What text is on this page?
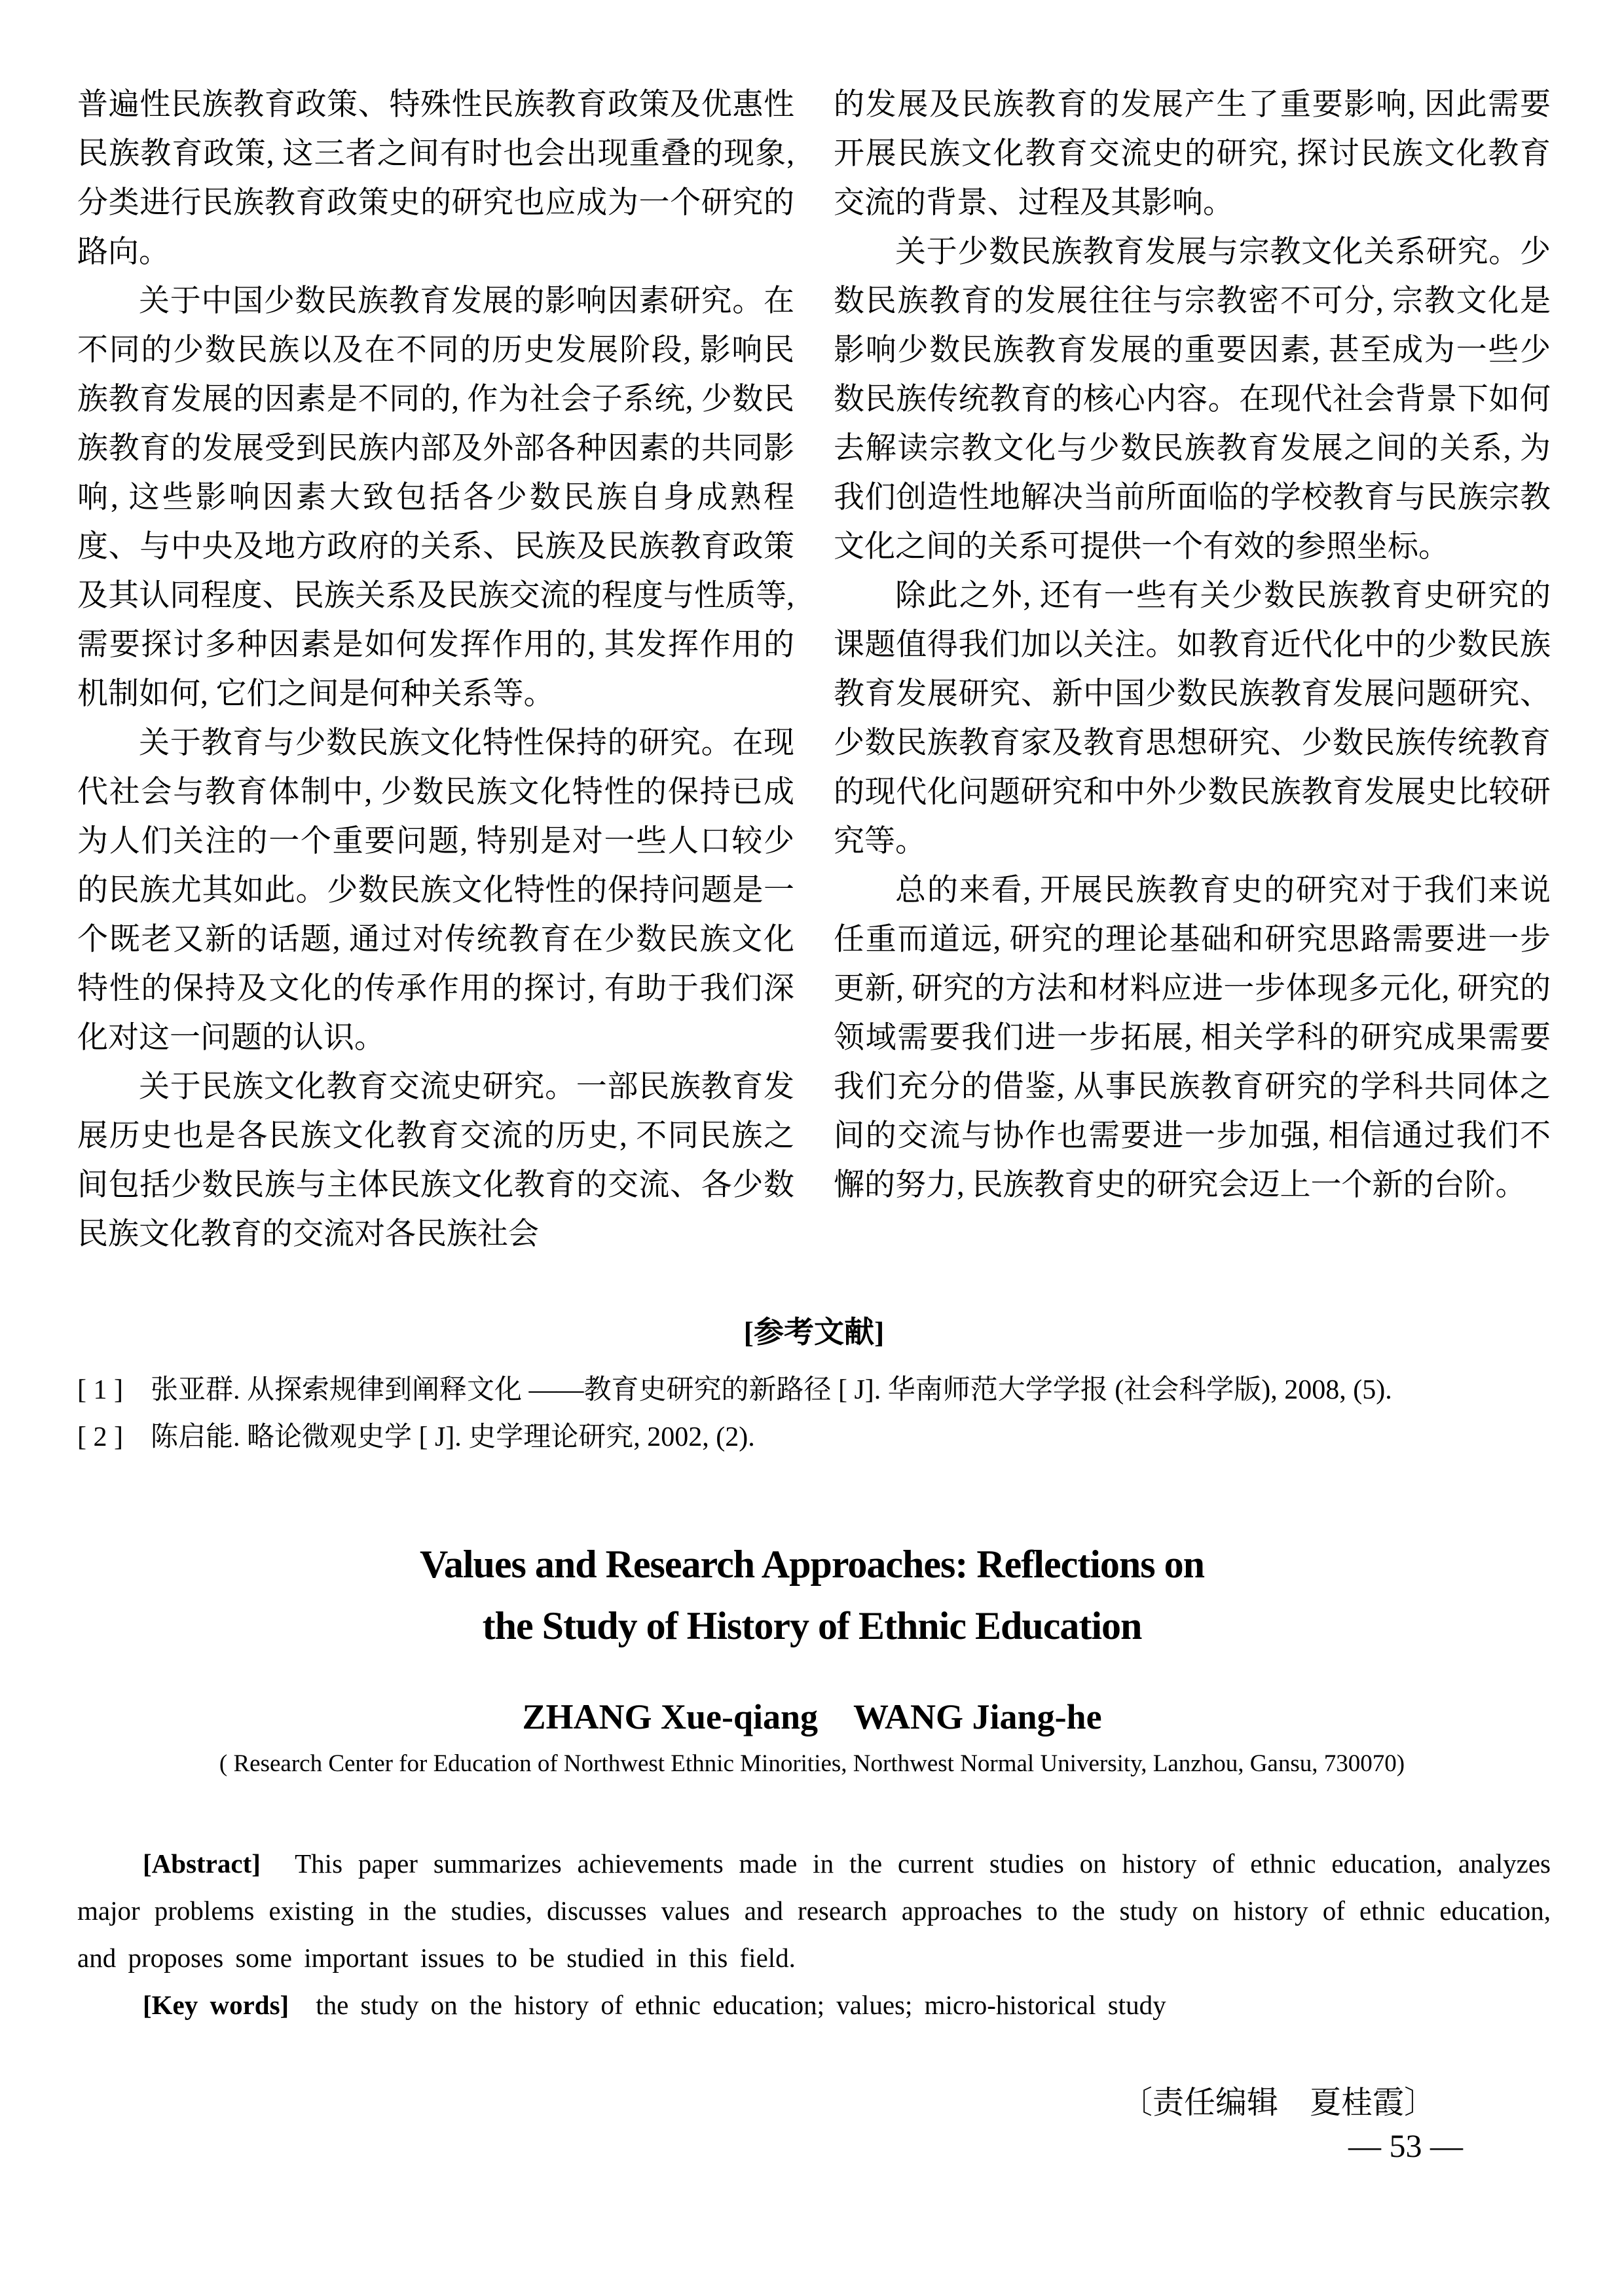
普遍性民族教育政策、特殊性民族教育政策及优惠性民族教育政策, 这三者之间有时也会出现重叠的现象, 分类进行民族教育政策史的研究也应成为一个研究的路向。

关于中国少数民族教育发展的影响因素研究。在不同的少数民族以及在不同的历史发展阶段, 影响民族教育发展的因素是不同的, 作为社会子系统, 少数民族教育的发展受到民族内部及外部各种因素的共同影响, 这些影响因素大致包括各少数民族自身成熟程度、与中央及地方政府的关系、民族及民族教育政策及其认同程度、民族关系及民族交流的程度与性质等, 需要探讨多种因素是如何发挥作用的, 其发挥作用的机制如何, 它们之间是何种关系等。

关于教育与少数民族文化特性保持的研究。在现代社会与教育体制中, 少数民族文化特性的保持已成为人们关注的一个重要问题, 特别是对一些人口较少的民族尤其如此。少数民族文化特性的保持问题是一个既老又新的话题, 通过对传统教育在少数民族文化特性的保持及文化的传承作用的探讨, 有助于我们深化对这一问题的认识。

关于民族文化教育交流史研究。一部民族教育发展历史也是各民族文化教育交流的历史, 不同民族之间包括少数民族与主体民族文化教育的交流、各少数民族文化教育的交流对各民族社会

的发展及民族教育的发展产生了重要影响, 因此需要开展民族文化教育交流史的研究, 探讨民族文化教育交流的背景、过程及其影响。

关于少数民族教育发展与宗教文化关系研究。少数民族教育的发展往往与宗教密不可分, 宗教文化是影响少数民族教育发展的重要因素, 甚至成为一些少数民族传统教育的核心内容。在现代社会背景下如何去解读宗教文化与少数民族教育发展之间的关系, 为我们创造性地解决当前所面临的学校教育与民族宗教文化之间的关系可提供一个有效的参照坐标。

除此之外, 还有一些有关少数民族教育史研究的课题值得我们加以关注。如教育近代化中的少数民族教育发展研究、新中国少数民族教育发展问题研究、少数民族教育家及教育思想研究、少数民族传统教育的现代化问题研究和中外少数民族教育发展史比较研究等。

总的来看, 开展民族教育史的研究对于我们来说任重而道远, 研究的理论基础和研究思路需要进一步更新, 研究的方法和材料应进一步体现多元化, 研究的领域需要我们进一步拓展, 相关学科的研究成果需要我们充分的借鉴, 从事民族教育研究的学科共同体之间的交流与协作也需要进一步加强, 相信通过我们不懈的努力, 民族教育史的研究会迈上一个新的台阶。

[参考文献]
[ 1 ]　张亚群. 从探索规律到阐释文化 ——教育史研究的新路径 [ J]. 华南师范大学学报 (社会科学版), 2008, (5).
[ 2 ]　陈启能. 略论微观史学 [ J]. 史学理论研究, 2002, (2).
Values and Research Approaches: Reflections on
the Study of History of Ethnic Education
ZHANG Xue-qiang　WANG Jiang-he
( Research Center for Education of Northwest Ethnic Minorities, Northwest Normal University, Lanzhou, Gansu, 730070)

[Abstract]　This paper summarizes achievements made in the current studies on history of ethnic education, analyzes major problems existing in the studies, discusses values and research approaches to the study on history of ethnic education, and proposes some important issues to be studied in this field.

[Key words]　the study on the history of ethnic education; values; micro-historical study

〔责任编辑　夏桂霞〕
— 53 —
